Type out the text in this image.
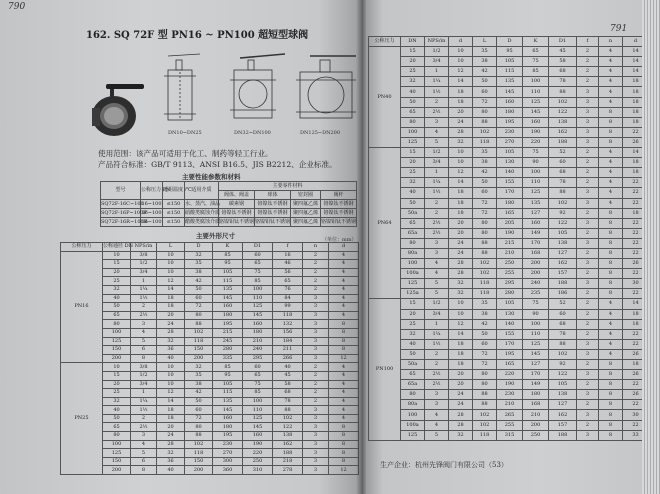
790
162. SQ 72F 型 PN16 ~ PN100 超短型球阀
DN10~DN25	DN32~DN100	DN125~DN200
使用范围：该产品可适用于化工、制药等轻工行业。
产品符合标准：GB/T 9113、ANSI B16.5、JIS B2212、企业标准。
主要性能参数和材料
型号	公称压力 PN	适用温度 /℃	适用介质	主要零件材料			
				阀体、阀盖	球体	密封圈	阀杆
SQ72F-16C~100	16~100	≤150	水、蒸汽、油品	碳素钢	铬镍钛不锈钢	聚四氟乙烯	铬镍钛不锈钢
SQ72F-16P~100P	16~100	≤150	硝酸类腐蚀介质	铬镍钛不锈钢	铬镍钛不锈钢	聚四氟乙烯	铬镍钛不锈钢
SQ72F-16R~100R	16~100	≤150	醋酸类腐蚀介质	铬镍钼钛不锈钢	铬镍钼钛不锈钢	聚四氟乙烯	铬镍钼钛不锈钢
主要外形尺寸	（单位：mm）
公称压力	公称通径 DN	NPS/in	L	D	K	D1	f	n	d	
PN16	10	3/8	10	32	85	60	16	2	4	
	15	1/2	10	35	95	65	46	2	4	
	20	3/4	10	38	105	75	56	2	4	
	25	1	12	42	115	85	65	2	4	
	32	1¼	14	50	135	100	76	2	4	
	40	1½	18	60	145	110	84	3	4	
	50	2	18	72	160	125	99	3	4	
	65	2½	20	80	180	145	118	3	4	
	80	3	24	88	195	160	132	3	8	
	100	4	28	102	215	180	156	3	8	
	125	5	32	118	245	210	184	3	8	
	150	6	36	150	280	240	211	3	8	
	200	8	40	200	335	295	266	3	12	
PN25	10	3/8	10	32	85	60	40	2	4	
	15	1/2	10	35	95	65	45	2	4	
	20	3/4	10	38	105	75	58	2	4	
	25	1	12	42	115	85	68	2	4	
	32	1¼	14	50	135	100	78	2	4	
	40	1½	18	60	145	110	88	3	4	
	50	2	18	72	160	125	102	3	4	
	65	2½	20	80	180	145	122	3	8	
	80	3	24	88	195	160	138	3	8	
	100	4	28	102	230	190	162	3	8	
	125	5	32	118	270	220	188	3	8	
	150	6	36	150	300	250	218	3	8	
	200	8	40	200	360	310	278	3	12	
791
公称压力	DN	NPS/in	d	L	D	K	D1	f	n	d
PN40	15	1/2	10	35	95	65	45	2	4	14
	20	3/4	10	38	105	75	58	2	4	14
	25	1	12	42	115	85	68	2	4	14
	32	1¼	14	50	135	100	78	2	4	18
	40	1½	18	60	145	110	88	3	4	18
	50	2	18	72	160	125	102	3	4	18
	65	2½	20	80	180	145	122	3	8	18
	80	3	24	88	195	160	138	3	8	18
	100	4	28	102	230	190	162	3	8	22
	125	5	32	118	270	220	188	3	8	26
PN64	15	1/2	10	35	105	75	52	2	4	14
	20	3/4	10	38	130	90	60	2	4	18
	25	1	12	42	140	100	68	2	4	18
	32	1¼	14	50	155	110	78	2	4	22
	40	1½	18	60	170	125	88	3	4	22
	50	2	18	72	180	135	102	3	4	22
	50a	2	18	72	165	127	92	2	8	18
	65	2½	20	80	205	160	122	3	8	22
	65a	2½	20	80	190	149	105	2	8	22
	80	3	24	88	215	170	138	3	8	22
	80a	3	24	88	210	168	127	2	8	22
	100	4	28	102	250	200	162	3	8	26
	100a	4	28	102	255	200	157	2	8	22
	125	5	32	118	295	240	188	3	8	30
	125a	5	32	118	280	235	186	2	8	22
PN100	15	1/2	10	35	105	75	52	2	4	14
	20	3/4	10	38	130	90	60	2	4	18
	25	1	12	42	140	100	68	2	4	18
	32	1¼	14	50	155	110	78	2	4	22
	40	1½	18	60	170	125	88	3	4	22
	50	2	18	72	195	145	102	3	4	26
	50a	2	18	72	165	127	92	2	8	18
	65	2½	20	80	220	170	122	3	8	26
	65a	2½	20	80	190	149	105	2	8	22
	80	3	24	88	230	180	138	3	8	26
	80a	3	24	88	210	168	127	2	8	22
	100	4	28	102	265	210	162	3	8	30
	100a	4	28	102	255	200	157	2	8	22
	125	5	32	118	315	250	188	3	8	33
生产企业：杭州先锋阀门有限公司（53）
